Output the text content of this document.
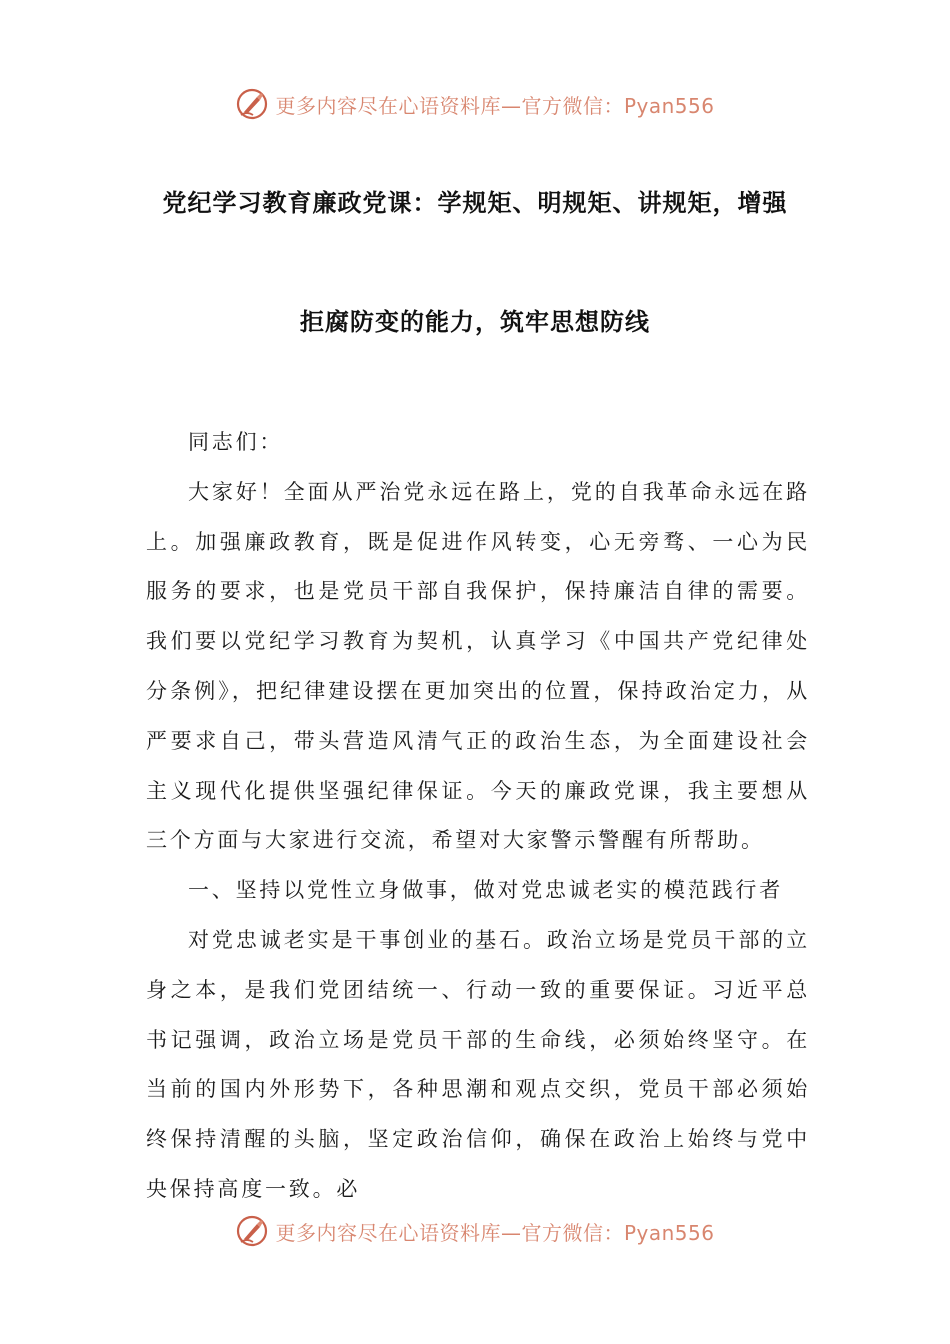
更多内容尽在心语资料库—官方微信：Pyan556
党纪学习教育廉政党课：学规矩、明规矩、讲规矩，增强
拒腐防变的能力，筑牢思想防线

同志们：

大家好！全面从严治党永远在路上，党的自我革命永远在路上。加强廉政教育，既是促进作风转变，心无旁骛、一心为民服务的要求，也是党员干部自我保护，保持廉洁自律的需要。我们要以党纪学习教育为契机，认真学习《中国共产党纪律处分条例》，把纪律建设摆在更加突出的位置，保持政治定力，从严要求自己，带头营造风清气正的政治生态，为全面建设社会主义现代化提供坚强纪律保证。今天的廉政党课，我主要想从三个方面与大家进行交流，希望对大家警示警醒有所帮助。

一、坚持以党性立身做事，做对党忠诚老实的模范践行者

对党忠诚老实是干事创业的基石。政治立场是党员干部的立身之本，是我们党团结统一、行动一致的重要保证。习近平总书记强调，政治立场是党员干部的生命线，必须始终坚守。在当前的国内外形势下，各种思潮和观点交织，党员干部必须始终保持清醒的头脑，坚定政治信仰，确保在政治上始终与党中央保持高度一致。必

更多内容尽在心语资料库—官方微信：Pyan556
